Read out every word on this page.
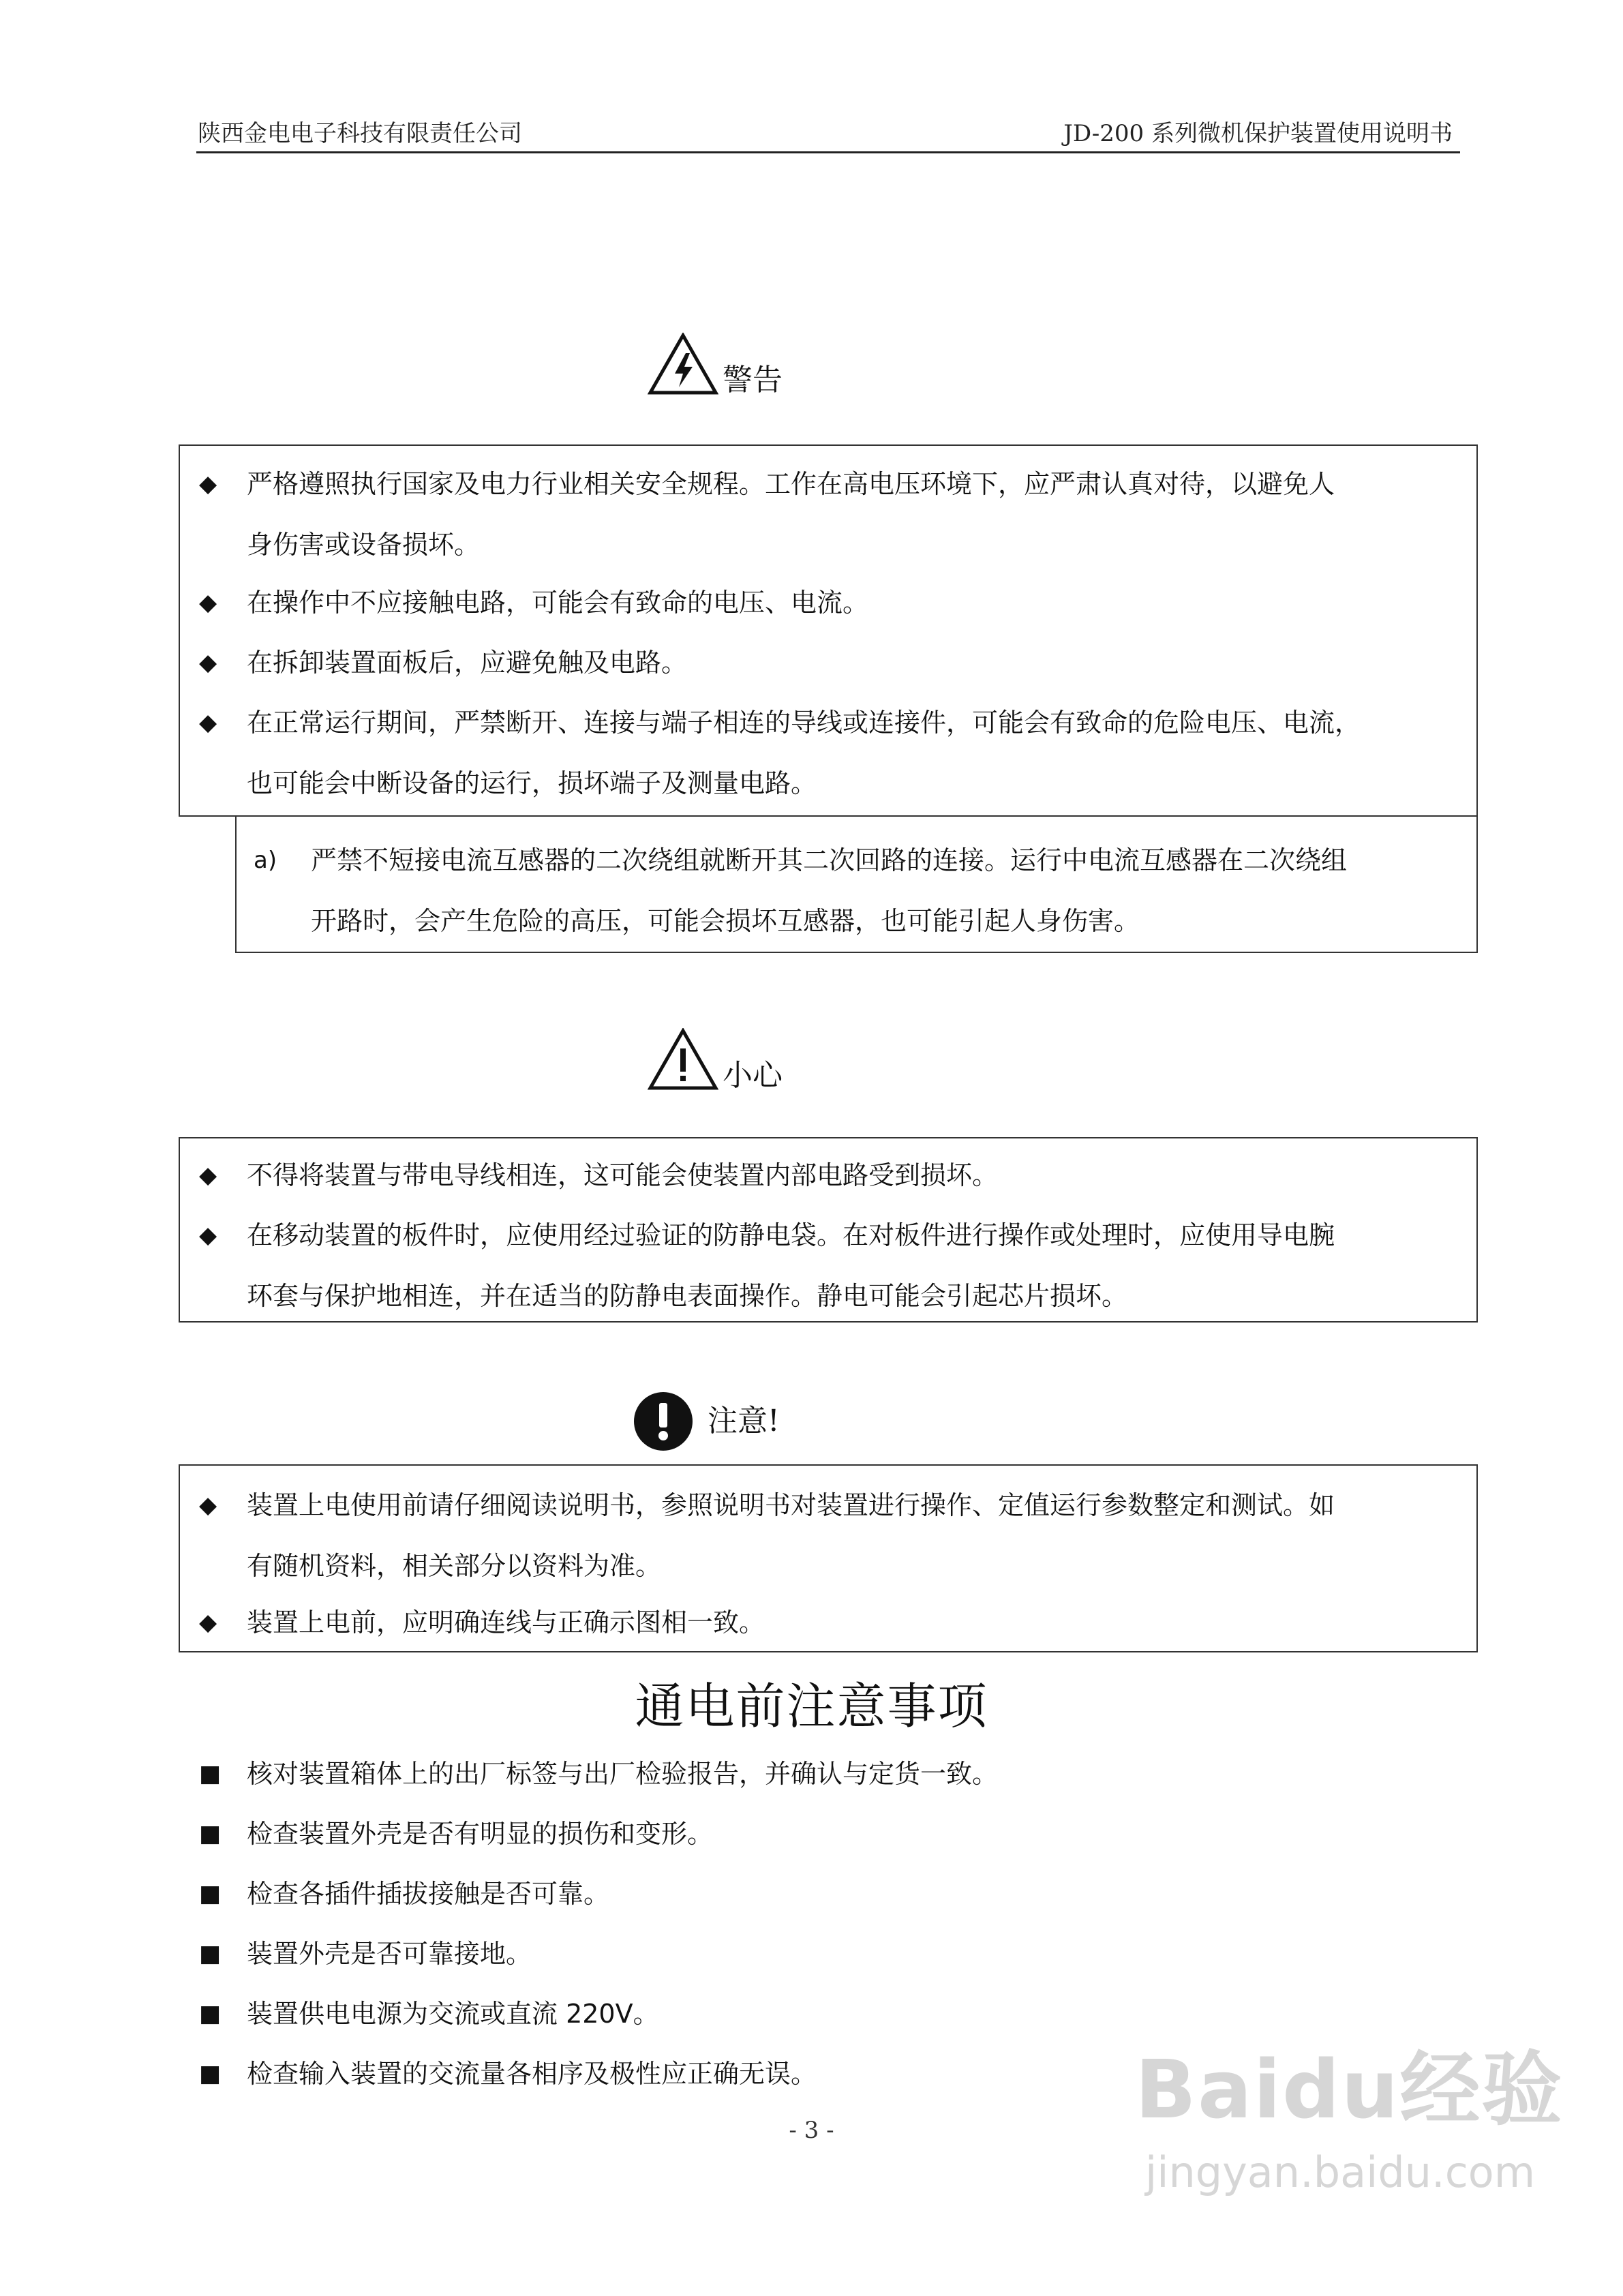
陕西金电电子科技有限责任公司	JD-200 系列微机保护装置使用说明书
警告
◆	严格遵照执行国家及电力行业相关安全规程。工作在高电压环境下，应严肃认真对待，以避免人
身伤害或设备损坏。
◆	在操作中不应接触电路，可能会有致命的电压、电流。
◆	在拆卸装置面板后，应避免触及电路。
◆	在正常运行期间，严禁断开、连接与端子相连的导线或连接件，可能会有致命的危险电压、电流，
也可能会中断设备的运行，损坏端子及测量电路。
a)	严禁不短接电流互感器的二次绕组就断开其二次回路的连接。运行中电流互感器在二次绕组
开路时，会产生危险的高压，可能会损坏互感器，也可能引起人身伤害。
小心
◆	不得将装置与带电导线相连，这可能会使装置内部电路受到损坏。
◆	在移动装置的板件时，应使用经过验证的防静电袋。在对板件进行操作或处理时，应使用导电腕
环套与保护地相连，并在适当的防静电表面操作。静电可能会引起芯片损坏。
注意!
◆	装置上电使用前请仔细阅读说明书，参照说明书对装置进行操作、定值运行参数整定和测试。如
有随机资料，相关部分以资料为准。
◆	装置上电前，应明确连线与正确示图相一致。
通电前注意事项
■ 核对装置箱体上的出厂标签与出厂检验报告，并确认与定货一致。
■ 检查装置外壳是否有明显的损伤和变形。
■ 检查各插件插拔接触是否可靠。
■ 装置外壳是否可靠接地。
■ 装置供电电源为交流或直流 220V。
■ 检查输入装置的交流量各相序及极性应正确无误。
- 3 -	Baidu经验
jingyan.baidu.com
